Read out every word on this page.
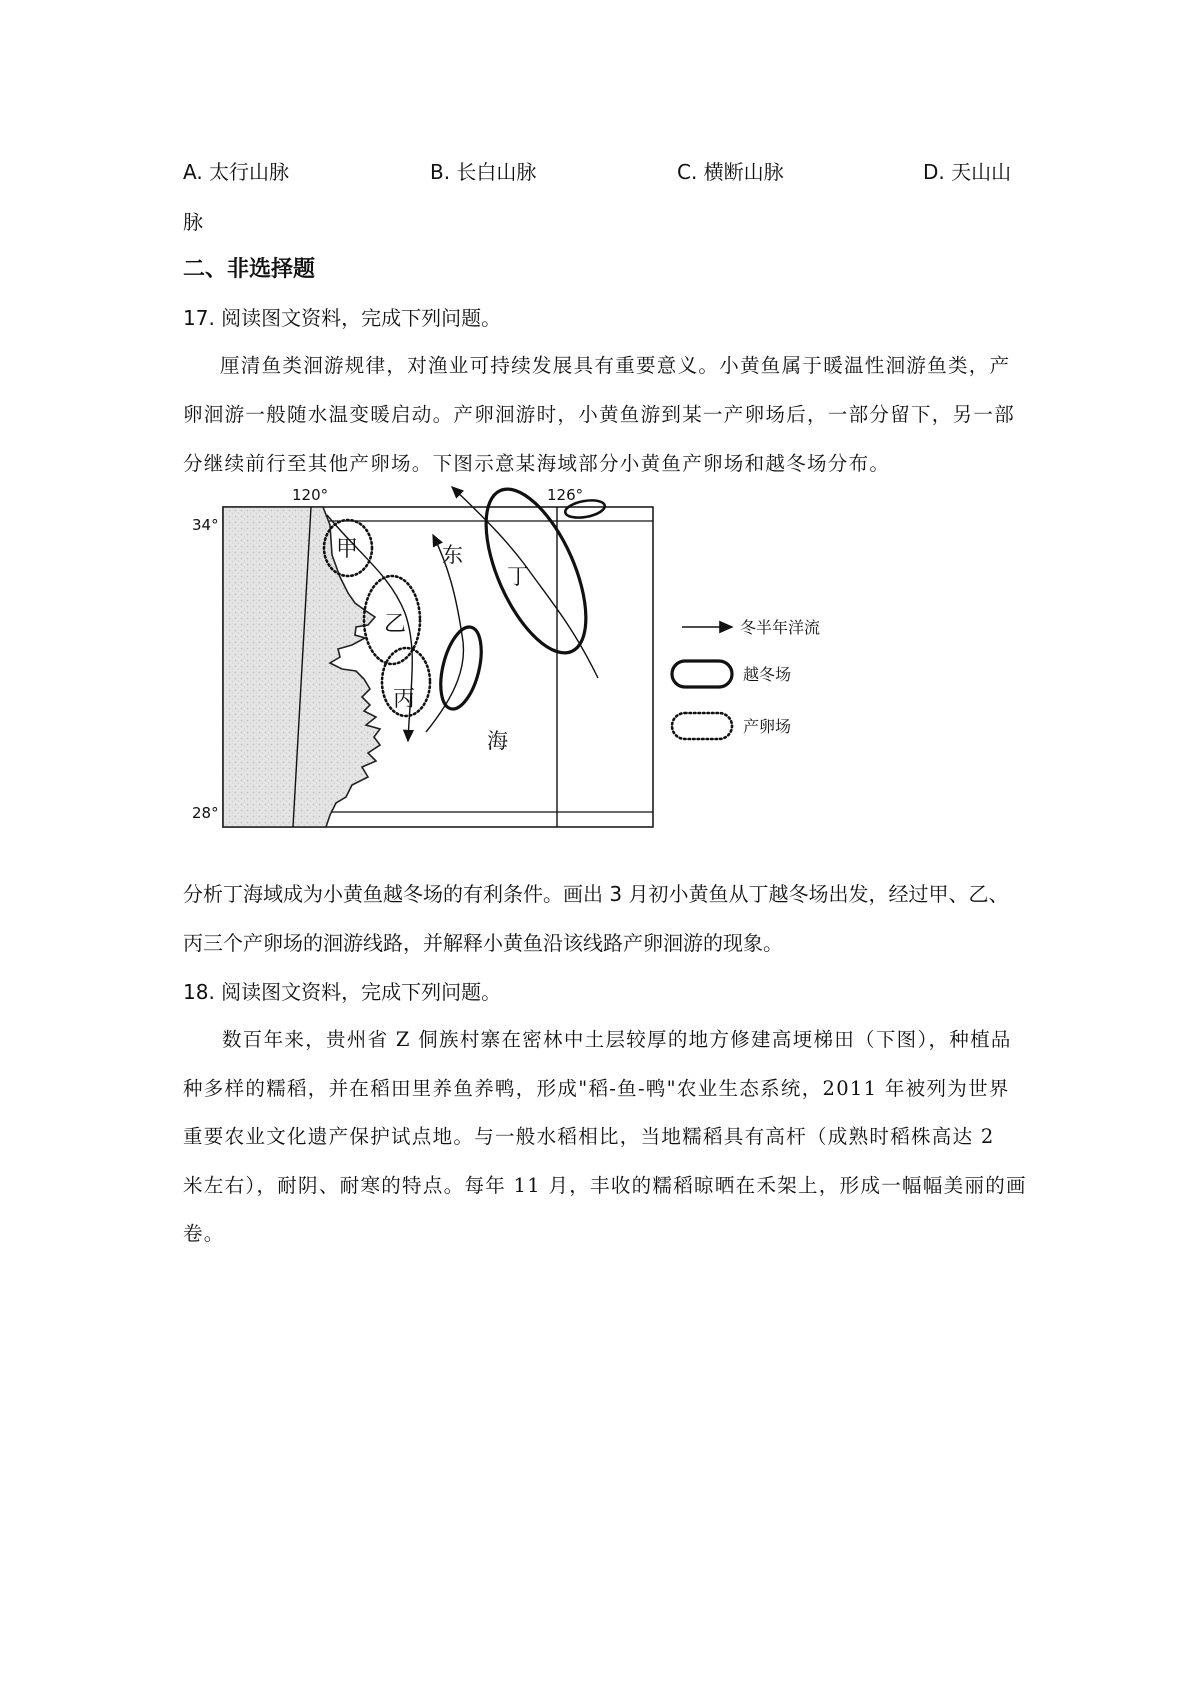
A. 太行山脉	B. 长白山脉	C. 横断山脉	D. 天山山
脉
二、非选择题
17. 阅读图文资料，完成下列问题。
厘清鱼类洄游规律，对渔业可持续发展具有重要意义。小黄鱼属于暖温性洄游鱼类，产
卵洄游一般随水温变暖启动。产卵洄游时，小黄鱼游到某一产卵场后，一部分留下，另一部
分继续前行至其他产卵场。下图示意某海域部分小黄鱼产卵场和越冬场分布。
120°	126°
34°
28°
甲
乙
丙
丁
东
海
冬半年洋流
越冬场
产卵场
分析丁海域成为小黄鱼越冬场的有利条件。画出 3 月初小黄鱼从丁越冬场出发，经过甲、乙、
丙三个产卵场的洄游线路，并解释小黄鱼沿该线路产卵洄游的现象。
18. 阅读图文资料，完成下列问题。
数百年来，贵州省 Z 侗族村寨在密林中土层较厚的地方修建高埂梯田（下图），种植品
种多样的糯稻，并在稻田里养鱼养鸭，形成"稻-鱼-鸭"农业生态系统，2011 年被列为世界
重要农业文化遗产保护试点地。与一般水稻相比，当地糯稻具有高杆（成熟时稻株高达 2
米左右），耐阴、耐寒的特点。每年 11 月，丰收的糯稻晾晒在禾架上，形成一幅幅美丽的画
卷。
